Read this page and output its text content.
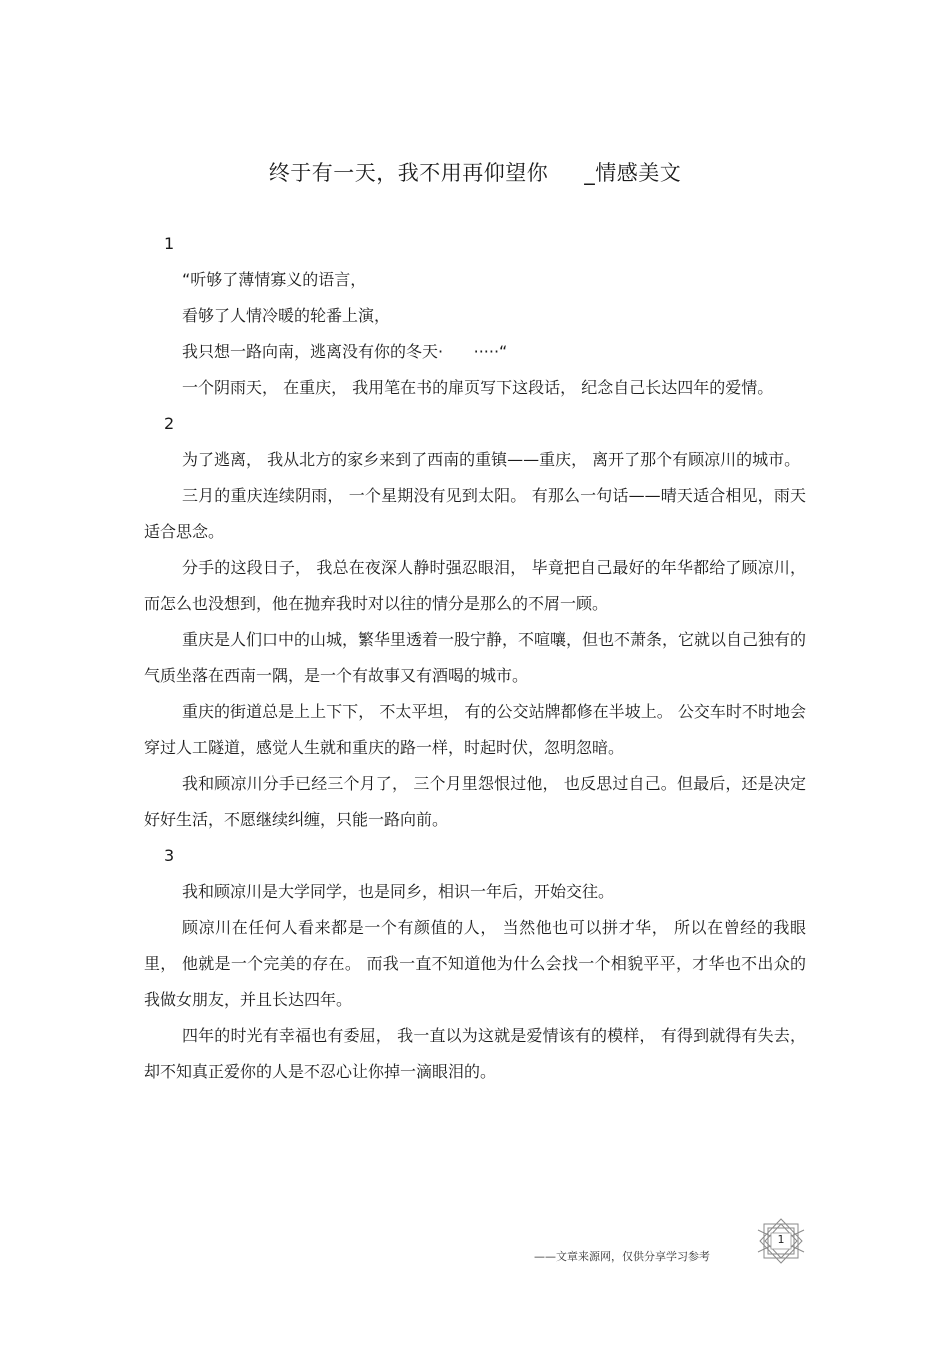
终于有一天，我不用再仰望你     _情感美文

1

“听够了薄情寡义的语言，

看够了人情冷暖的轮番上演，

我只想一路向南，逃离没有你的冬天·      ·····“

一个阴雨天， 在重庆， 我用笔在书的扉页写下这段话， 纪念自己长达四年的爱情。

2

为了逃离， 我从北方的家乡来到了西南的重镇——重庆， 离开了那个有顾凉川的城市。

三月的重庆连续阴雨， 一个星期没有见到太阳。 有那么一句话——晴天适合相见，雨天适合思念。

分手的这段日子， 我总在夜深人静时强忍眼泪， 毕竟把自己最好的年华都给了顾凉川，而怎么也没想到，他在抛弃我时对以往的情分是那么的不屑一顾。

重庆是人们口中的山城，繁华里透着一股宁静，不喧嚷，但也不萧条，它就以自己独有的气质坐落在西南一隅，是一个有故事又有酒喝的城市。

重庆的街道总是上上下下， 不太平坦， 有的公交站牌都修在半坡上。 公交车时不时地会穿过人工隧道，感觉人生就和重庆的路一样，时起时伏，忽明忽暗。

我和顾凉川分手已经三个月了， 三个月里怨恨过他， 也反思过自己。但最后，还是决定好好生活，不愿继续纠缠，只能一路向前。

3

我和顾凉川是大学同学，也是同乡，相识一年后，开始交往。

顾凉川在任何人看来都是一个有颜值的人， 当然他也可以拼才华， 所以在曾经的我眼里， 他就是一个完美的存在。 而我一直不知道他为什么会找一个相貌平平，才华也不出众的我做女朋友，并且长达四年。

四年的时光有幸福也有委屈， 我一直以为这就是爱情该有的模样， 有得到就得有失去，却不知真正爱你的人是不忍心让你掉一滴眼泪的。

——文章来源网，仅供分享学习参考
1
